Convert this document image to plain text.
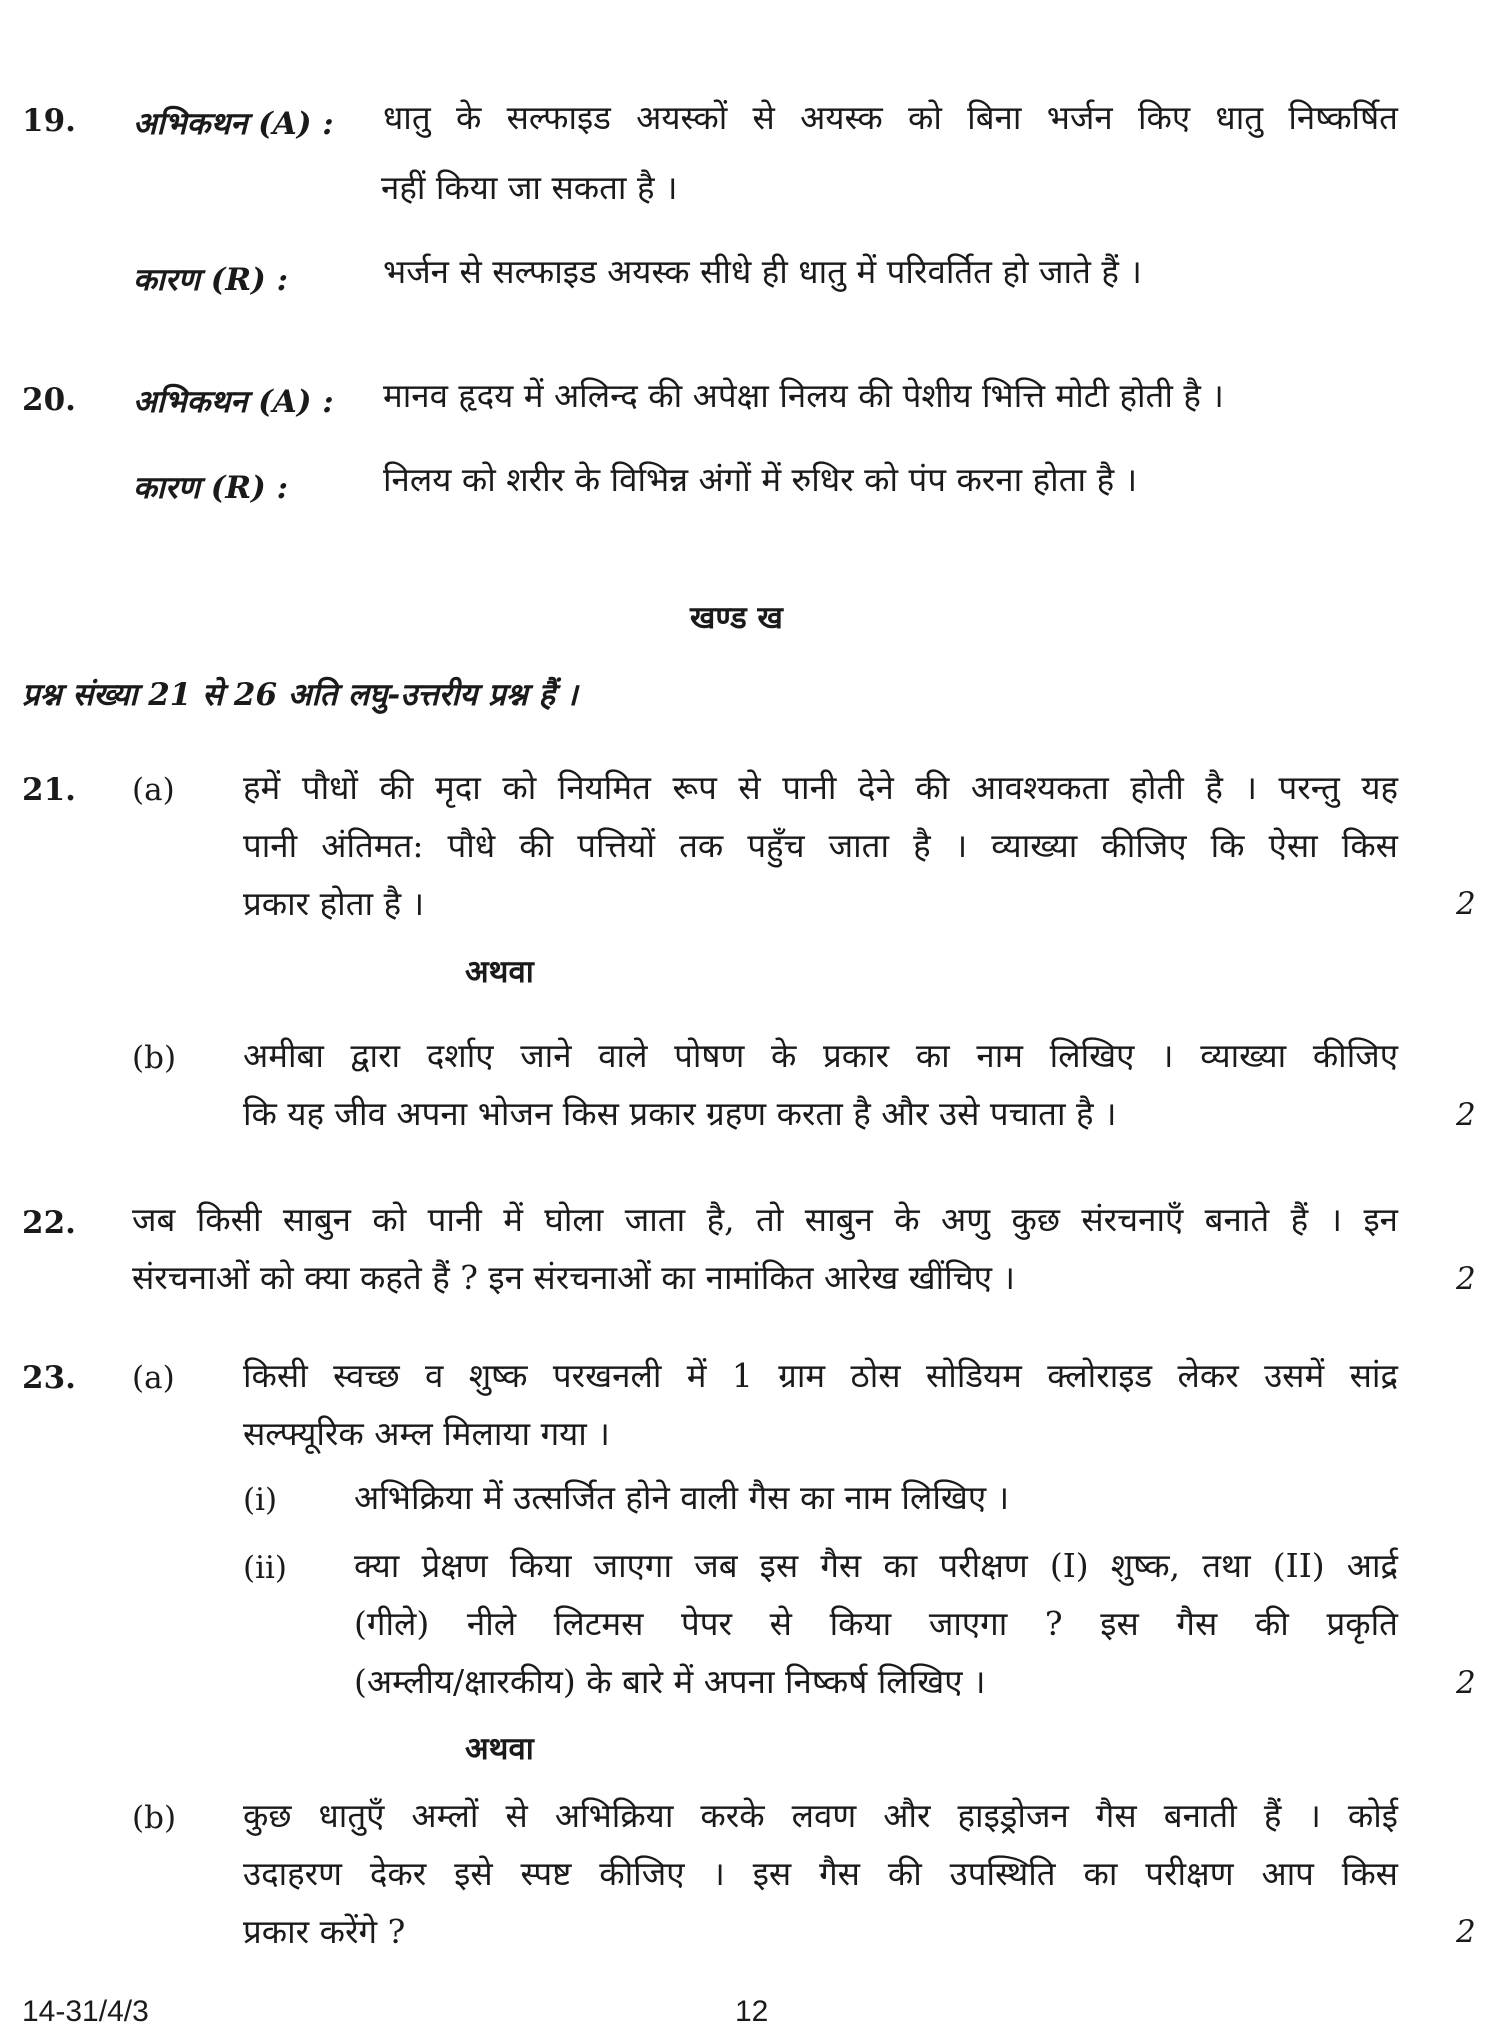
19. अभिकथन (A) : धातु के सल्फाइड अयस्कों से अयस्क को बिना भर्जन किए धातु निष्कर्षित
नहीं किया जा सकता है ।
कारण (R) :	भर्जन से सल्फाइड अयस्क सीधे ही धातु में परिवर्तित हो जाते हैं ।
20. अभिकथन (A) : मानव हृदय में अलिन्द की अपेक्षा निलय की पेशीय भित्ति मोटी होती है ।
कारण (R) :	निलय को शरीर के विभिन्न अंगों में रुधिर को पंप करना होता है ।
खण्ड ख
प्रश्न संख्या 21 से 26 अति लघु-उत्तरीय प्रश्न हैं ।
21. (a) हमें पौधों की मृदा को नियमित रूप से पानी देने की आवश्यकता होती है । परन्तु यह
पानी अंतिमत: पौधे की पत्तियों तक पहुँच जाता है । व्याख्या कीजिए कि ऐसा किस
प्रकार होता है ।	2
अथवा
(b) अमीबा द्वारा दर्शाए जाने वाले पोषण के प्रकार का नाम लिखिए । व्याख्या कीजिए
कि यह जीव अपना भोजन किस प्रकार ग्रहण करता है और उसे पचाता है ।	2
22. जब किसी साबुन को पानी में घोला जाता है, तो साबुन के अणु कुछ संरचनाएँ बनाते हैं । इन
संरचनाओं को क्या कहते हैं ? इन संरचनाओं का नामांकित आरेख खींचिए ।	2
23. (a) किसी स्वच्छ व शुष्क परखनली में 1 ग्राम ठोस सोडियम क्लोराइड लेकर उसमें सांद्र
सल्फ्यूरिक अम्ल मिलाया गया ।
(i) अभिक्रिया में उत्सर्जित होने वाली गैस का नाम लिखिए ।
(ii) क्या प्रेक्षण किया जाएगा जब इस गैस का परीक्षण (I) शुष्क, तथा (II) आर्द्र
(गीले) नीले लिटमस पेपर से किया जाएगा ? इस गैस की प्रकृति
(अम्लीय/क्षारकीय) के बारे में अपना निष्कर्ष लिखिए ।	2
अथवा
(b) कुछ धातुएँ अम्लों से अभिक्रिया करके लवण और हाइड्रोजन गैस बनाती हैं । कोई
उदाहरण देकर इसे स्पष्ट कीजिए । इस गैस की उपस्थिति का परीक्षण आप किस
प्रकार करेंगे ?	2
14-31/4/3	12
